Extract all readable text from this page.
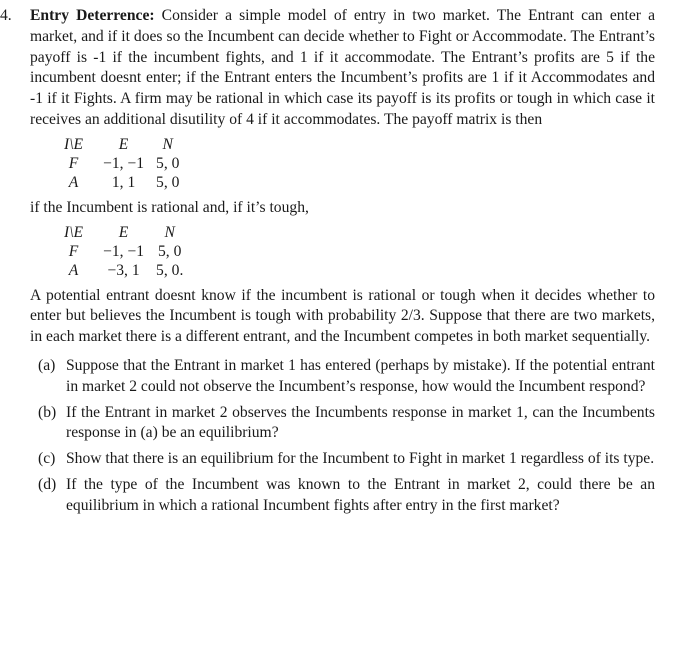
4. Entry Deterrence: Consider a simple model of entry in two market. The Entrant can enter a market, and if it does so the Incumbent can decide whether to Fight or Accommodate. The Entrant’s payoff is -1 if the incumbent fights, and 1 if it accommodate. The Entrant’s profits are 5 if the incumbent doesnt enter; if the Entrant enters the Incumbent’s profits are 1 if it Accommodates and -1 if it Fights. A firm may be rational in which case its payoff is its profits or tough in which case it receives an additional disutility of 4 if it accommodates. The payoff matrix is then

I\E	E	N
F	−1, −1	5, 0
A	1, 1	5, 0

if the Incumbent is rational and, if it’s tough,

I\E	E	N
F	−1, −1	5, 0
A	−3, 1	5, 0.

A potential entrant doesnt know if the incumbent is rational or tough when it decides whether to enter but believes the Incumbent is tough with probability 2/3. Suppose that there are two markets, in each market there is a different entrant, and the Incumbent competes in both market sequentially.

(a) Suppose that the Entrant in market 1 has entered (perhaps by mistake). If the potential entrant in market 2 could not observe the Incumbent’s response, how would the Incumbent respond?
(b) If the Entrant in market 2 observes the Incumbents response in market 1, can the Incumbents response in (a) be an equilibrium?
(c) Show that there is an equilibrium for the Incumbent to Fight in market 1 regardless of its type.
(d) If the type of the Incumbent was known to the Entrant in market 2, could there be an equilibrium in which a rational Incumbent fights after entry in the first market?
